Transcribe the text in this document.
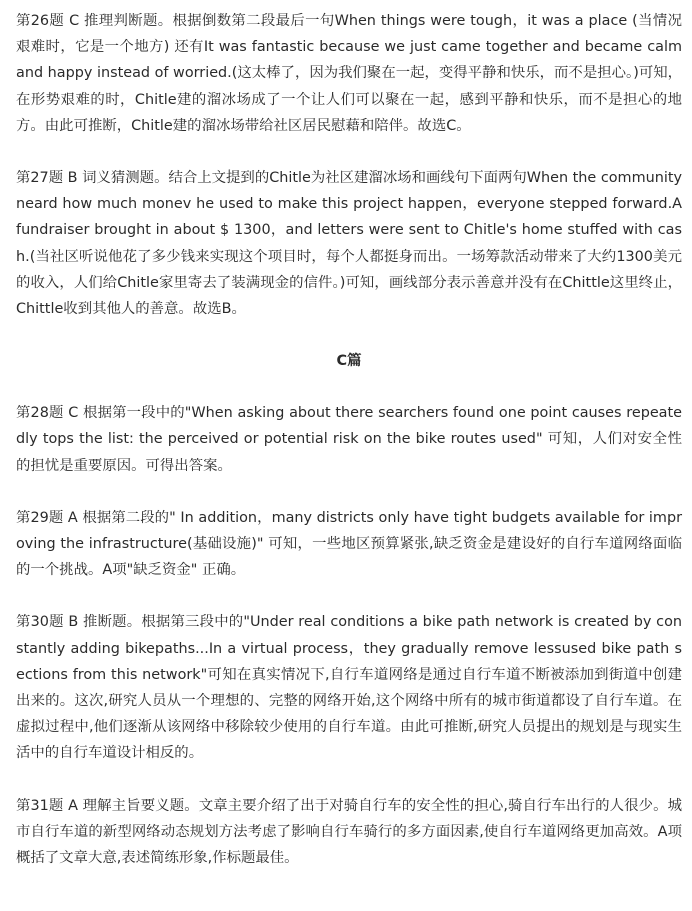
第26题 C 推理判断题。根据倒数第二段最后一句When things were tough，it was a place (当情况艰难时，它是一个地方) 还有It was fantastic because we just came together and became calm and happy instead of worried.(这太棒了，因为我们聚在一起，变得平静和快乐，而不是担心。)可知，在形势艰难的时，Chitle建的溜冰场成了一个让人们可以聚在一起，感到平静和快乐，而不是担心的地方。由此可推断，Chitle建的溜冰场带给社区居民慰藉和陪伴。故选C。

第27题 B 词义猜测题。结合上文提到的Chitle为社区建溜冰场和画线句下面两句When the communityneard how much monev he used to make this project happen，everyone stepped forward.A fundraiser brought in about $ 1300，and letters were sent to Chitle's home stuffed with cash.(当社区听说他花了多少钱来实现这个项目时，每个人都挺身而出。一场筹款活动带来了大约1300美元的收入，人们给Chitle家里寄去了装满现金的信件。)可知，画线部分表示善意并没有在Chittle这里终止，Chittle收到其他人的善意。故选B。

C篇

第28题 C 根据第一段中的"When asking about there searchers found one point causes repeatedly tops the list: the perceived or potential risk on the bike routes used" 可知，人们对安全性的担忧是重要原因。可得出答案。

第29题 A 根据第二段的" In addition，many districts only have tight budgets available for improving the infrastructure(基础设施)" 可知，一些地区预算紧张,缺乏资金是建设好的自行车道网络面临的一个挑战。A项"缺乏资金" 正确。

第30题 B 推断题。根据第三段中的"Under real conditions a bike path network is created by constantly adding bikepaths...In a virtual process，they gradually remove lessused bike path sections from this network"可知在真实情况下,自行车道网络是通过自行车道不断被添加到街道中创建出来的。这次,研究人员从一个理想的、完整的网络开始,这个网络中所有的城市街道都设了自行车道。在虚拟过程中,他们逐渐从该网络中移除较少使用的自行车道。由此可推断,研究人员提出的规划是与现实生活中的自行车道设计相反的。

第31题 A 理解主旨要义题。文章主要介绍了出于对骑自行车的安全性的担心,骑自行车出行的人很少。城市自行车道的新型网络动态规划方法考虑了影响自行车骑行的多方面因素,使自行车道网络更加高效。A项概括了文章大意,表述简练形象,作标题最佳。
